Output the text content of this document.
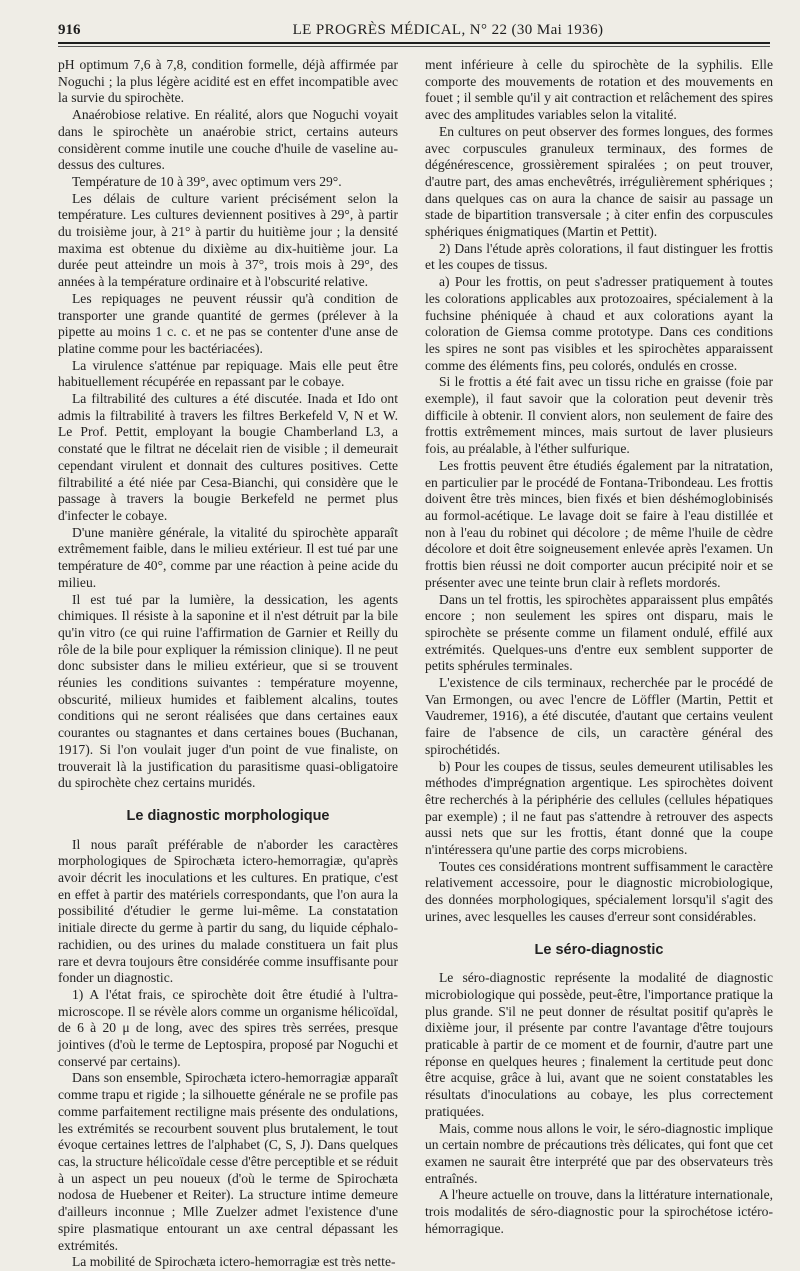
916	LE PROGRÈS MÉDICAL, N° 22 (30 Mai 1936)

pH optimum 7,6 à 7,8, condition formelle, déjà affirmée par Noguchi ; la plus légère acidité est en effet incompatible avec la survie du spirochète.

Anaérobiose relative. En réalité, alors que Noguchi voyait dans le spirochète un anaérobie strict, certains auteurs considèrent comme inutile une couche d'huile de vaseline au-dessus des cultures.

Température de 10 à 39°, avec optimum vers 29°.

Les délais de culture varient précisément selon la température. Les cultures deviennent positives à 29°, à partir du troisième jour, à 21° à partir du huitième jour ; la densité maxima est obtenue du dixième au dix-huitième jour. La durée peut atteindre un mois à 37°, trois mois à 29°, des années à la température ordinaire et à l'obscurité relative.

Les repiquages ne peuvent réussir qu'à condition de transporter une grande quantité de germes (prélever à la pipette au moins 1 c. c. et ne pas se contenter d'une anse de platine comme pour les bactériacées).

La virulence s'atténue par repiquage. Mais elle peut être habituellement récupérée en repassant par le cobaye.

La filtrabilité des cultures a été discutée. Inada et Ido ont admis la filtrabilité à travers les filtres Berkefeld V, N et W. Le Prof. Pettit, employant la bougie Chamberland L3, a constaté que le filtrat ne décelait rien de visible ; il demeurait cependant virulent et donnait des cultures positives. Cette filtrabilité a été niée par Cesa-Bianchi, qui considère que le passage à travers la bougie Berkefeld ne permet plus d'infecter le cobaye.

D'une manière générale, la vitalité du spirochète apparaît extrêmement faible, dans le milieu extérieur. Il est tué par une température de 40°, comme par une réaction à peine acide du milieu.

Il est tué par la lumière, la dessication, les agents chimiques. Il résiste à la saponine et il n'est détruit par la bile qu'in vitro (ce qui ruine l'affirmation de Garnier et Reilly du rôle de la bile pour expliquer la rémission clinique). Il ne peut donc subsister dans le milieu extérieur, que si se trouvent réunies les conditions suivantes : température moyenne, obscurité, milieux humides et faiblement alcalins, toutes conditions qui ne seront réalisées que dans certaines eaux courantes ou stagnantes et dans certaines boues (Buchanan, 1917). Si l'on voulait juger d'un point de vue finaliste, on trouverait là la justification du parasitisme quasi-obligatoire du spirochète chez certains muridés.

Le diagnostic morphologique

Il nous paraît préférable de n'aborder les caractères morphologiques de Spirochæta ictero-hemorragiæ, qu'après avoir décrit les inoculations et les cultures. En pratique, c'est en effet à partir des matériels correspondants, que l'on aura la possibilité d'étudier le germe lui-même. La constatation initiale directe du germe à partir du sang, du liquide céphalo-rachidien, ou des urines du malade constituera un fait plus rare et devra toujours être considérée comme insuffisante pour fonder un diagnostic.

1) A l'état frais, ce spirochète doit être étudié à l'ultra-microscope. Il se révèle alors comme un organisme hélicoïdal, de 6 à 20 μ de long, avec des spires très serrées, presque jointives (d'où le terme de Leptospira, proposé par Noguchi et conservé par certains).

Dans son ensemble, Spirochæta ictero-hemorragiæ apparaît comme trapu et rigide ; la silhouette générale ne se profile pas comme parfaitement rectiligne mais présente des ondulations, les extrémités se recourbent souvent plus brutalement, le tout évoque certaines lettres de l'alphabet (C, S, J). Dans quelques cas, la structure hélicoïdale cesse d'être perceptible et se réduit à un aspect un peu noueux (d'où le terme de Spirochæta nodosa de Huebener et Reiter). La structure intime demeure d'ailleurs inconnue ; Mlle Zuelzer admet l'existence d'une spire plasmatique entourant un axe central dépassant les extrémités.

La mobilité de Spirochæta ictero-hemorragiæ est très nette-

ment inférieure à celle du spirochète de la syphilis. Elle comporte des mouvements de rotation et des mouvements en fouet ; il semble qu'il y ait contraction et relâchement des spires avec des amplitudes variables selon la vitalité.

En cultures on peut observer des formes longues, des formes avec corpuscules granuleux terminaux, des formes de dégénérescence, grossièrement spiralées ; on peut trouver, d'autre part, des amas enchevêtrés, irrégulièrement sphériques ; dans quelques cas on aura la chance de saisir au passage un stade de bipartition transversale ; à citer enfin des corpuscules sphériques énigmatiques (Martin et Pettit).

2) Dans l'étude après colorations, il faut distinguer les frottis et les coupes de tissus.

a) Pour les frottis, on peut s'adresser pratiquement à toutes les colorations applicables aux protozoaires, spécialement à la fuchsine phéniquée à chaud et aux colorations ayant la coloration de Giemsa comme prototype. Dans ces conditions les spires ne sont pas visibles et les spirochètes apparaissent comme des éléments fins, peu colorés, ondulés en crosse.

Si le frottis a été fait avec un tissu riche en graisse (foie par exemple), il faut savoir que la coloration peut devenir très difficile à obtenir. Il convient alors, non seulement de faire des frottis extrêmement minces, mais surtout de laver plusieurs fois, au préalable, à l'éther sulfurique.

Les frottis peuvent être étudiés également par la nitratation, en particulier par le procédé de Fontana-Tribondeau. Les frottis doivent être très minces, bien fixés et bien déshémoglobinisés au formol-acétique. Le lavage doit se faire à l'eau distillée et non à l'eau du robinet qui décolore ; de même l'huile de cèdre décolore et doit être soigneusement enlevée après l'examen. Un frottis bien réussi ne doit comporter aucun précipité noir et se présenter avec une teinte brun clair à reflets mordorés.

Dans un tel frottis, les spirochètes apparaissent plus empâtés encore ; non seulement les spires ont disparu, mais le spirochète se présente comme un filament ondulé, effilé aux extrémités. Quelques-uns d'entre eux semblent supporter de petits sphérules terminales.

L'existence de cils terminaux, recherchée par le procédé de Van Ermongen, ou avec l'encre de Löffler (Martin, Pettit et Vaudremer, 1916), a été discutée, d'autant que certains veulent faire de l'absence de cils, un caractère général des spirochétidés.

b) Pour les coupes de tissus, seules demeurent utilisables les méthodes d'imprégnation argentique. Les spirochètes doivent être recherchés à la périphérie des cellules (cellules hépatiques par exemple) ; il ne faut pas s'attendre à retrouver des aspects aussi nets que sur les frottis, étant donné que la coupe n'intéressera qu'une partie des corps microbiens.

Toutes ces considérations montrent suffisamment le caractère relativement accessoire, pour le diagnostic microbiologique, des données morphologiques, spécialement lorsqu'il s'agit des urines, avec lesquelles les causes d'erreur sont considérables.

Le séro-diagnostic

Le séro-diagnostic représente la modalité de diagnostic microbiologique qui possède, peut-être, l'importance pratique la plus grande. S'il ne peut donner de résultat positif qu'après le dixième jour, il présente par contre l'avantage d'être toujours praticable à partir de ce moment et de fournir, d'autre part une réponse en quelques heures ; finalement la certitude peut donc être acquise, grâce à lui, avant que ne soient constatables les résultats d'inoculations au cobaye, les plus correctement pratiquées.

Mais, comme nous allons le voir, le séro-diagnostic implique un certain nombre de précautions très délicates, qui font que cet examen ne saurait être interprété que par des observateurs très entraînés.

A l'heure actuelle on trouve, dans la littérature internationale, trois modalités de séro-diagnostic pour la spirochétose ictéro-hémorragique.
